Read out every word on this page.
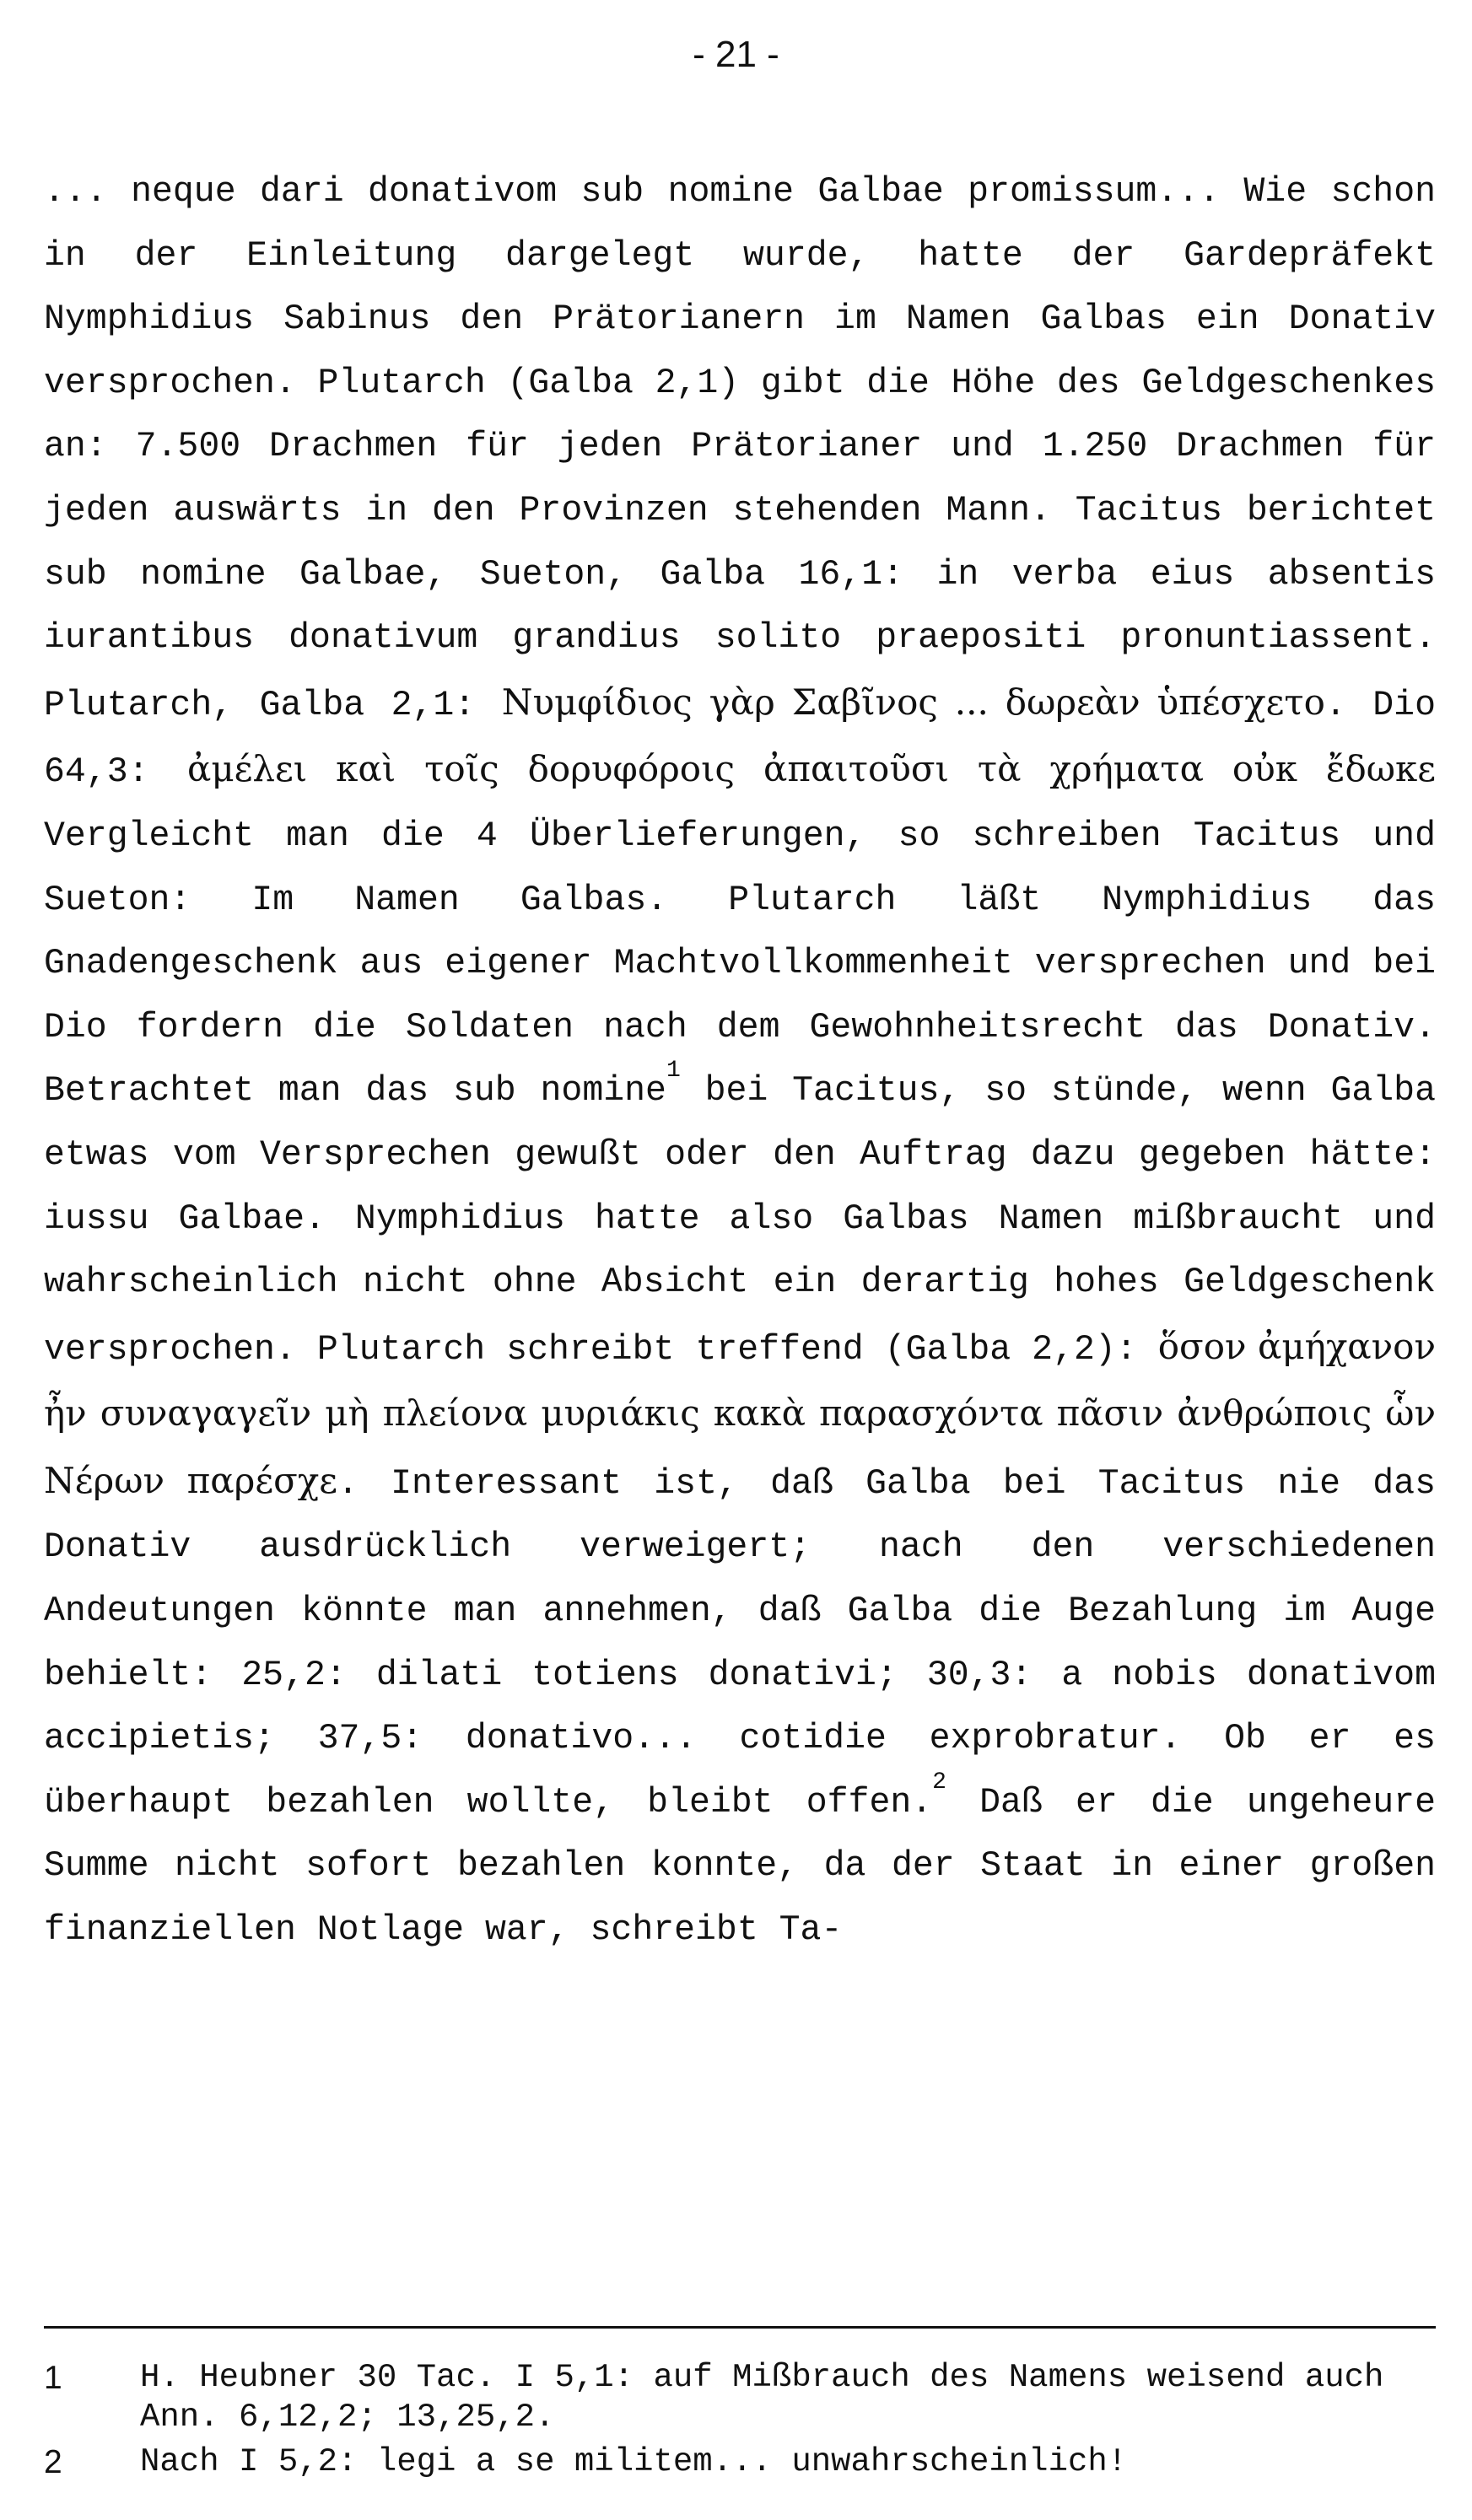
- 21 -

... neque dari donativom sub nomine Galbae promissum... Wie schon in der Einleitung dargelegt wurde, hatte der Gardepräfekt Nymphidius Sabinus den Prätorianern im Namen Galbas ein Donativ versprochen. Plutarch (Galba 2,1) gibt die Höhe des Geldgeschenkes an: 7.500 Drachmen für jeden Prätorianer und 1.250 Drachmen für jeden auswärts in den Provinzen stehenden Mann. Tacitus berichtet sub nomine Galbae, Sueton, Galba 16,1: in verba eius absentis iurantibus donativum grandius solito praepositi pronuntiassent. Plutarch, Galba 2,1: Νυμφίδιος γὰρ Σαβῖνος ... δωρεὰν ὑπέσχετο. Dio 64,3: ἀμέλει καὶ τοῖς δορυφόροις ἀπαιτοῦσι τὰ χρήματα οὐκ ἔδωκε Vergleicht man die 4 Überlieferungen, so schreiben Tacitus und Sueton: Im Namen Galbas. Plutarch läßt Nymphidius das Gnadengeschenk aus eigener Machtvollkommenheit versprechen und bei Dio fordern die Soldaten nach dem Gewohnheitsrecht das Donativ. Betrachtet man das sub nomine$^1$ bei Tacitus, so stünde, wenn Galba etwas vom Versprechen gewußt oder den Auftrag dazu gegeben hätte: iussu Galbae. Nymphidius hatte also Galbas Namen mißbraucht und wahrscheinlich nicht ohne Absicht ein derartig hohes Geldgeschenk versprochen. Plutarch schreibt treffend (Galba 2,2): ὅσον ἀμήχανον ἦν συναγαγεῖν μὴ πλείονα μυριάκις κακὰ παρασχόντα πᾶσιν ἀνθρώποις ὧν Νέρων παρέσχε. Interessant ist, daß Galba bei Tacitus nie das Donativ ausdrücklich verweigert; nach den verschiedenen Andeutungen könnte man annehmen, daß Galba die Bezahlung im Auge behielt: 25,2: dilati totiens donativi; 30,3: a nobis donativom accipietis; 37,5: donativo... cotidie exprobratur. Ob er es überhaupt bezahlen wollte, bleibt offen.$^2$ Daß er die ungeheure Summe nicht sofort bezahlen konnte, da der Staat in einer großen finanziellen Notlage war, schreibt Ta-

1	H. Heubner 30 Tac. I 5,1: auf Mißbrauch des Namens weisend auch Ann. 6,12,2; 13,25,2.
2	Nach I 5,2: legi a se militem... unwahrscheinlich!
